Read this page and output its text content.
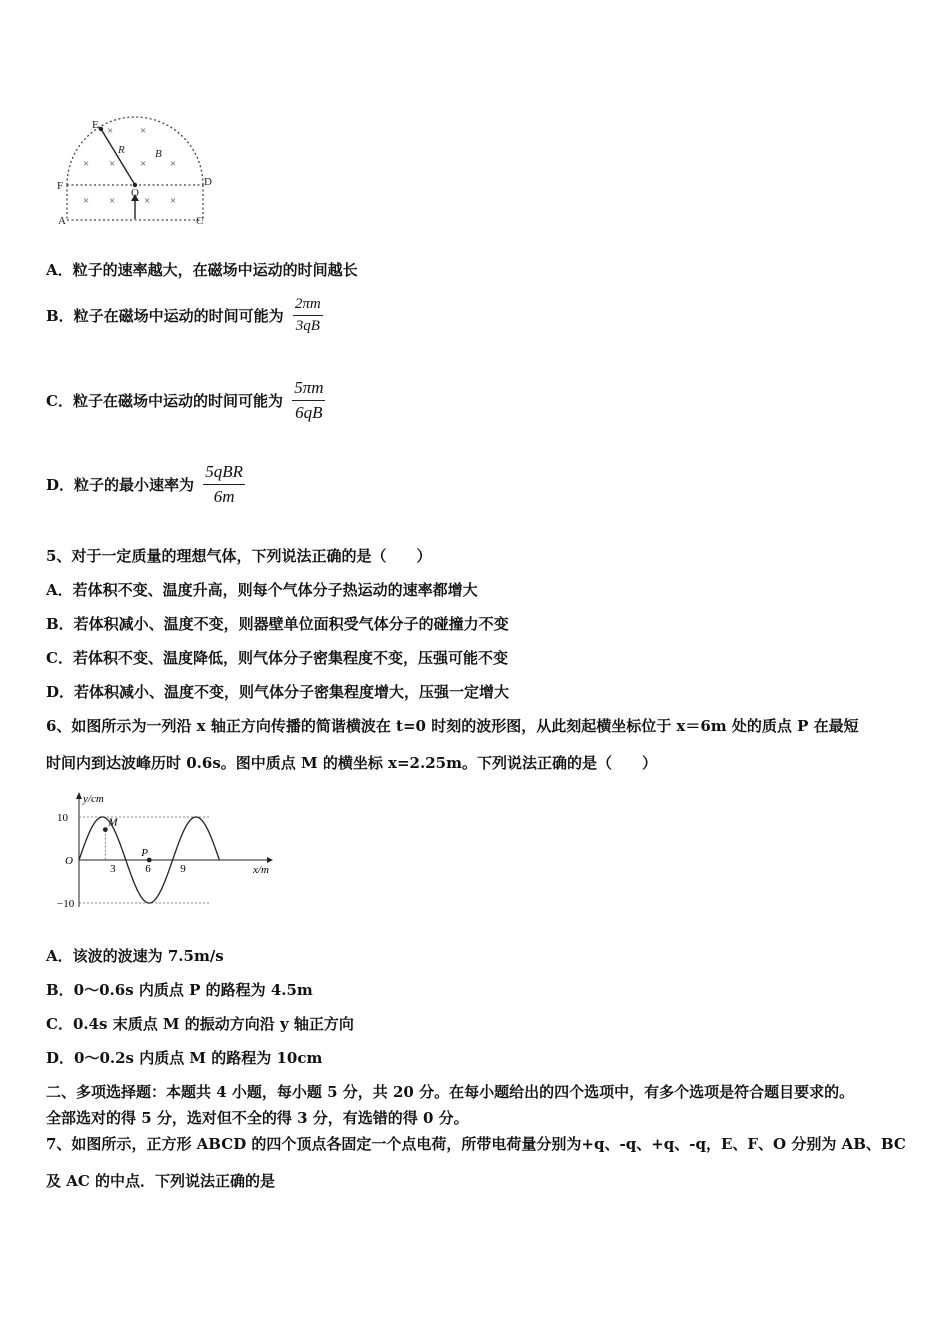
× ×
× × × ×
× ×	× ×
E
R	B
F
O
D
A	C
A．粒子的速率越大，在磁场中运动的时间越长
B．粒子在磁场中运动的时间可能为 $\frac{2\pi m}{3qB}$
C．粒子在磁场中运动的时间可能为 $\frac{5\pi m}{6qB}$
D．粒子的最小速率为 $\frac{\text{5qBR}}{6m}$
5、对于一定质量的理想气体，下列说法正确的是（　　）
A．若体积不变、温度升高，则每个气体分子热运动的速率都增大
B．若体积减小、温度不变，则器壁单位面积受气体分子的碰撞力不变
C．若体积不变、温度降低，则气体分子密集程度不变，压强可能不变
D．若体积减小、温度不变，则气体分子密集程度增大，压强一定增大
6、如图所示为一列沿 x 轴正方向传播的简谐横波在 t=0 时刻的波形图，从此刻起横坐标位于 x＝6m 处的质点 P 在最短
时间内到达波峰历时 0.6s。图中质点 M 的横坐标 x=2.25m。下列说法正确的是（　　）
y/cm
x/m
O
10
−10
3	6	9
M
P
A．该波的波速为 7.5m/s
B．0～0.6s 内质点 P 的路程为 4.5m
C．0.4s 末质点 M 的振动方向沿 y 轴正方向
D．0～0.2s 内质点 M 的路程为 10cm
二、多项选择题：本题共 4 小题，每小题 5 分，共 20 分。在每小题给出的四个选项中，有多个选项是符合题目要求的。
全部选对的得 5 分，选对但不全的得 3 分，有选错的得 0 分。
7、如图所示，正方形 ABCD 的四个顶点各固定一个点电荷，所带电荷量分别为+q、-q、+q、-q，E、F、O 分别为 AB、BC
及 AC 的中点．下列说法正确的是
